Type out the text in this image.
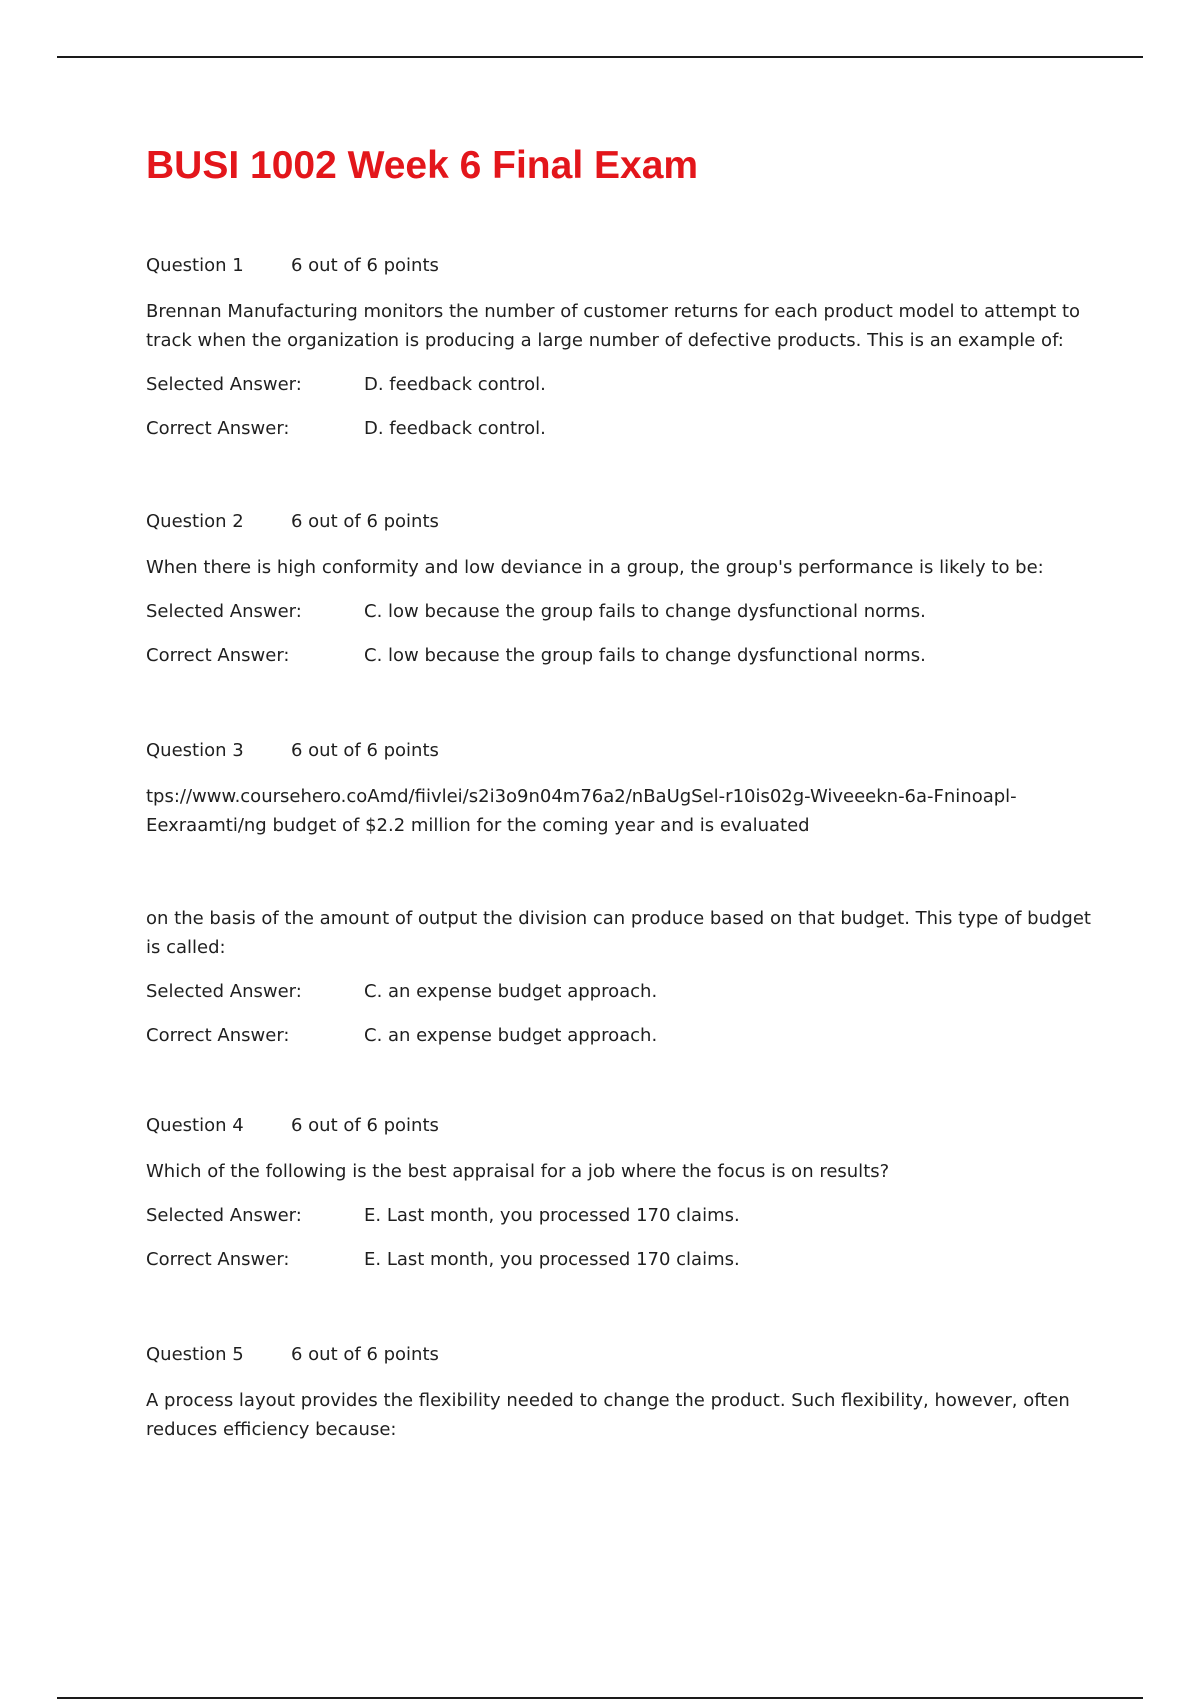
BUSI 1002 Week 6 Final Exam
Question 1	6 out of 6 points
Brennan Manufacturing monitors the number of customer returns for each product model to attempt to track when the organization is producing a large number of defective products. This is an example of:
Selected Answer:	D. feedback control.
Correct Answer:	D. feedback control.
Question 2	6 out of 6 points
When there is high conformity and low deviance in a group, the group's performance is likely to be:
Selected Answer:	C. low because the group fails to change dysfunctional norms.
Correct Answer:	C. low because the group fails to change dysfunctional norms.
Question 3	6 out of 6 points
tps://www.coursehero.coAmd/fiivlei/s2i3o9n04m76a2/nBaUgSel-r10is02g-Wiveeekn-6a-Fninoapl-Eexraamti/ng budget of $2.2 million for the coming year and is evaluated
on the basis of the amount of output the division can produce based on that budget. This type of budget is called:
Selected Answer:	C. an expense budget approach.
Correct Answer:	C. an expense budget approach.
Question 4	6 out of 6 points
Which of the following is the best appraisal for a job where the focus is on results?
Selected Answer:	E. Last month, you processed 170 claims.
Correct Answer:	E. Last month, you processed 170 claims.
Question 5	6 out of 6 points
A process layout provides the flexibility needed to change the product. Such flexibility, however, often reduces efficiency because:
